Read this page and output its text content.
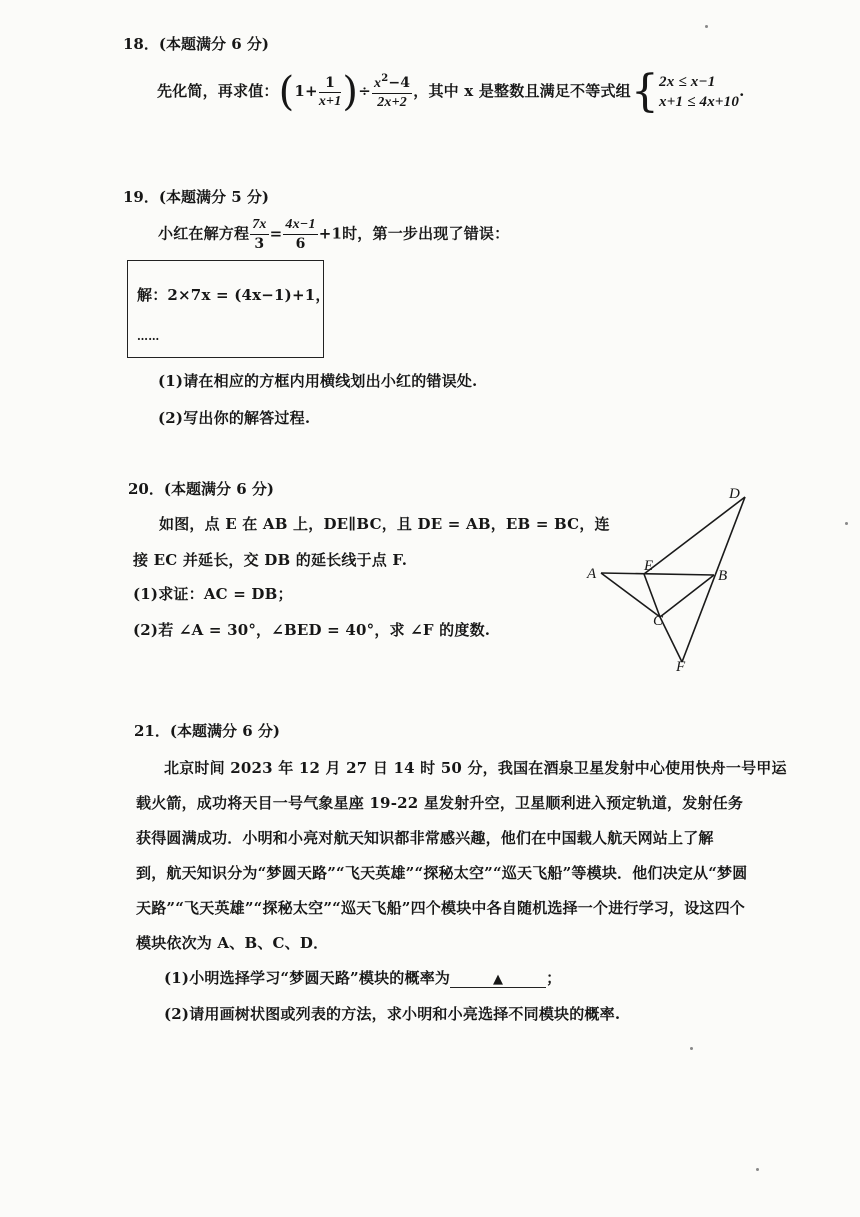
18．(本题满分 6 分)
先化简，再求值：($1+ \frac{1}{x+1}$ )÷ $\frac{x^2-4}{2x+2}$ ，其中 x 是整数且满足不等式组{ 2x ≤ x−1
x+1 ≤ 4x+10
.
19．(本题满分 5 分)
小红在解方程 $\frac{7x}{3} = \frac{4x-1}{6} +1$时，第一步出现了错误：
解：2×7x = (4x−1)+1，
……
(1)请在相应的方框内用横线划出小红的错误处.
(2)写出你的解答过程.
20．(本题满分 6 分)
如图，点 E 在 AB 上，DE∥BC，且 DE = AB，EB = BC，连
接 EC 并延长，交 DB 的延长线于点 F.
(1)求证：AC = DB；
(2)若 ∠A = 30°，∠BED = 40°，求 ∠F 的度数.
D
A	E
B
C
F
21．(本题满分 6 分)
北京时间 2023 年 12 月 27 日 14 时 50 分，我国在酒泉卫星发射中心使用快舟一号甲运
载火箭，成功将天目一号气象星座 19-22 星发射升空，卫星顺利进入预定轨道，发射任务
获得圆满成功．小明和小亮对航天知识都非常感兴趣，他们在中国载人航天网站上了解
到，航天知识分为“梦圆天路”“飞天英雄”“探秘太空”“巡天飞船”等模块．他们决定从“梦圆
天路”“飞天英雄”“探秘太空”“巡天飞船”四个模块中各自随机选择一个进行学习，设这四个
模块依次为 A、B、C、D．
(1)小明选择学习“梦圆天路”模块的概率为	▲	；
(2)请用画树状图或列表的方法，求小明和小亮选择不同模块的概率.
